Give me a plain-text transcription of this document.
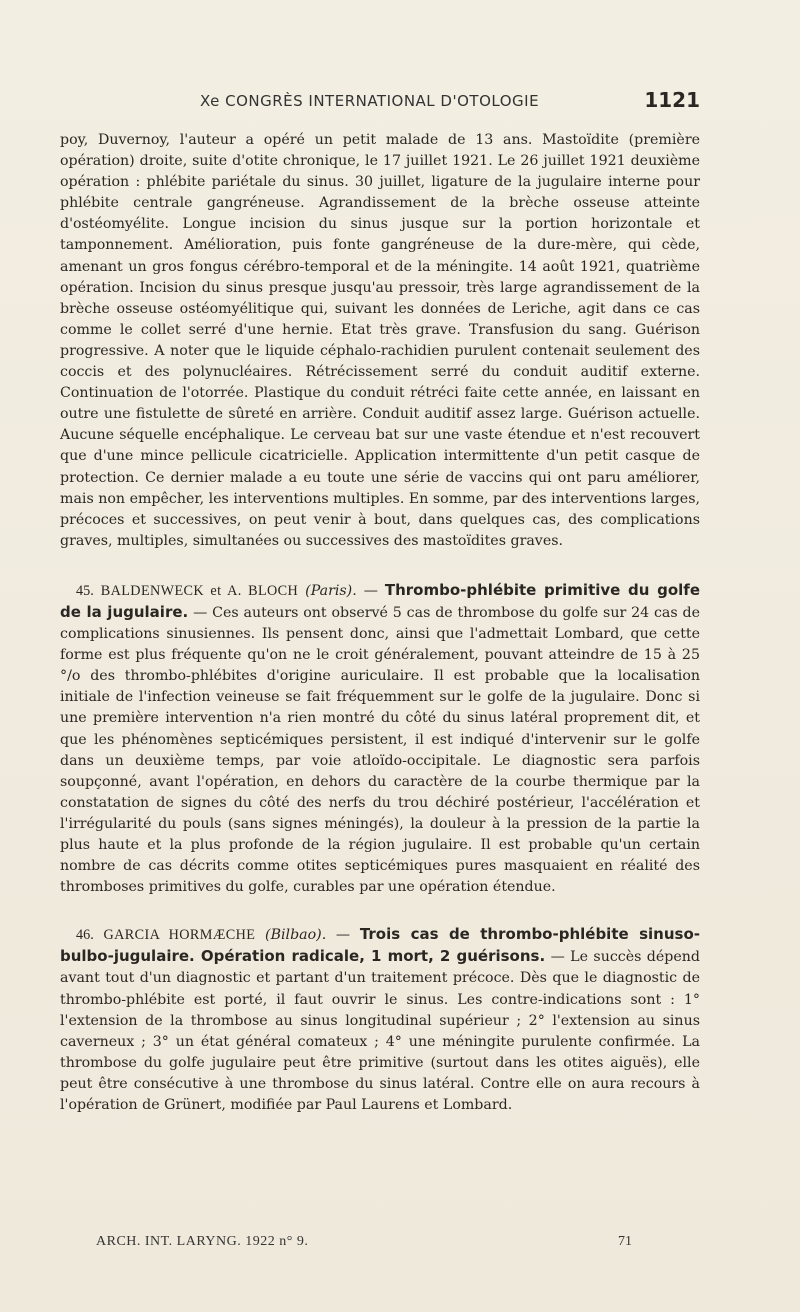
Xe CONGRÈS INTERNATIONAL D'OTOLOGIE	1121

poy, Duvernoy, l'auteur a opéré un petit malade de 13 ans. Mastoïdite (première opération) droite, suite d'otite chronique, le 17 juillet 1921. Le 26 juillet 1921 deuxième opération : phlébite pariétale du sinus. 30 juillet, ligature de la jugulaire interne pour phlébite centrale gangréneuse. Agrandissement de la brèche osseuse atteinte d'ostéomyélite. Longue incision du sinus jusque sur la portion horizontale et tamponnement. Amélioration, puis fonte gangréneuse de la dure-mère, qui cède, amenant un gros fongus cérébro-temporal et de la méningite. 14 août 1921, quatrième opération. Incision du sinus presque jusqu'au pressoir, très large agrandissement de la brèche osseuse ostéomyélitique qui, suivant les données de Leriche, agit dans ce cas comme le collet serré d'une hernie. Etat très grave. Transfusion du sang. Guérison progressive. A noter que le liquide céphalo-rachidien purulent contenait seulement des coccis et des polynucléaires. Rétrécissement serré du conduit auditif externe. Continuation de l'otorrée. Plastique du conduit rétréci faite cette année, en laissant en outre une fistulette de sûreté en arrière. Conduit auditif assez large. Guérison actuelle. Aucune séquelle encéphalique. Le cerveau bat sur une vaste étendue et n'est recouvert que d'une mince pellicule cicatricielle. Application intermittente d'un petit casque de protection. Ce dernier malade a eu toute une série de vaccins qui ont paru améliorer, mais non empêcher, les interventions multiples. En somme, par des interventions larges, précoces et successives, on peut venir à bout, dans quelques cas, des complications graves, multiples, simultanées ou successives des mastoïdites graves.

45. BALDENWECK et A. BLOCH (Paris). — Thrombo-phlébite primitive du golfe de la jugulaire. — Ces auteurs ont observé 5 cas de thrombose du golfe sur 24 cas de complications sinusiennes. Ils pensent donc, ainsi que l'admettait Lombard, que cette forme est plus fréquente qu'on ne le croit généralement, pouvant atteindre de 15 à 25 °/o des thrombo-phlébites d'origine auriculaire. Il est probable que la localisation initiale de l'infection veineuse se fait fréquemment sur le golfe de la jugulaire. Donc si une première intervention n'a rien montré du côté du sinus latéral proprement dit, et que les phénomènes septicémiques persistent, il est indiqué d'intervenir sur le golfe dans un deuxième temps, par voie atloïdo-occipitale. Le diagnostic sera parfois soupçonné, avant l'opération, en dehors du caractère de la courbe thermique par la constatation de signes du côté des nerfs du trou déchiré postérieur, l'accélération et l'irrégularité du pouls (sans signes méningés), la douleur à la pression de la partie la plus haute et la plus profonde de la région jugulaire. Il est probable qu'un certain nombre de cas décrits comme otites septicémiques pures masquaient en réalité des thromboses primitives du golfe, curables par une opération étendue.

46. GARCIA HORMÆCHE (Bilbao). — Trois cas de thrombo-phlébite sinuso-bulbo-jugulaire. Opération radicale, 1 mort, 2 guérisons. — Le succès dépend avant tout d'un diagnostic et partant d'un traitement précoce. Dès que le diagnostic de thrombo-phlébite est porté, il faut ouvrir le sinus. Les contre-indications sont : 1° l'extension de la thrombose au sinus longitudinal supérieur ; 2° l'extension au sinus caverneux ; 3° un état général comateux ; 4° une méningite purulente confirmée. La thrombose du golfe jugulaire peut être primitive (surtout dans les otites aiguës), elle peut être consécutive à une thrombose du sinus latéral. Contre elle on aura recours à l'opération de Grünert, modifiée par Paul Laurens et Lombard.

ARCH. INT. LARYNG. 1922 n° 9.	71
